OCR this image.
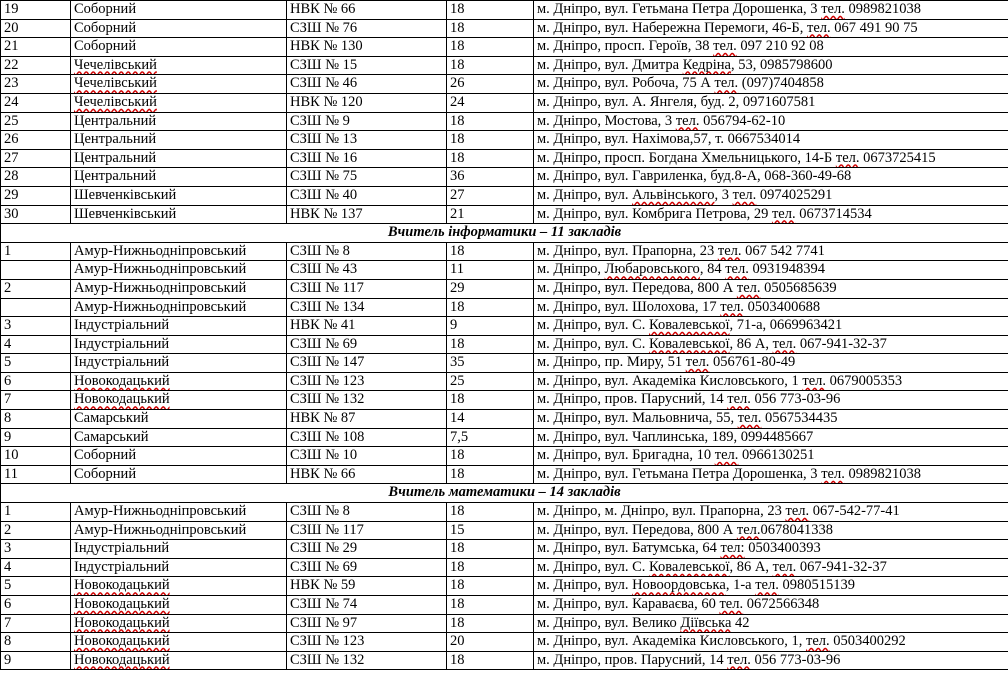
19	Соборний	НВК № 66	18	м. Дніпро, вул. Гетьмана Петра Дорошенка, 3 тел. 0989821038
20	Соборний	СЗШ № 76	18	м. Дніпро, вул. Набережна Перемоги, 46-Б, тел. 067 491 90 75
21	Соборний	НВК № 130	18	м. Дніпро, просп. Героїв, 38 тел. 097 210 92 08
22	Чечелівський	СЗШ № 15	18	м. Дніпро, вул. Дмитра Кедріна, 53, 0985798600
23	Чечелівський	СЗШ № 46	26	м. Дніпро, вул. Робоча, 75 А тел. (097)7404858
24	Чечелівський	НВК № 120	24	м. Дніпро, вул. А. Янгеля, буд. 2, 0971607581
25	Центральний	СЗШ № 9	18	м. Дніпро, Мостова, 3 тел. 056794-62-10
26	Центральний	СЗШ № 13	18	м. Дніпро, вул. Нахімова,57, т. 0667534014
27	Центральний	СЗШ № 16	18	м. Дніпро, просп. Богдана Хмельницького, 14-Б тел. 0673725415
28	Центральний	СЗШ № 75	36	м. Дніпро, вул. Гавриленка, буд.8-А, 068-360-49-68
29	Шевченківський	СЗШ № 40	27	м. Дніпро, вул. Альвінського, 3 тел. 0974025291
30	Шевченківський	НВК № 137	21	м. Дніпро, вул. Комбрига Петрова, 29 тел. 0673714534
Вчитель інформатики – 11 закладів				
1	Амур-Нижньодніпровський	СЗШ № 8	18	м. Дніпро, вул. Прапорна, 23 тел. 067 542 7741
	Амур-Нижньодніпровський	СЗШ № 43	11	м. Дніпро, Любаровського, 84 тел. 0931948394
2	Амур-Нижньодніпровський	СЗШ № 117	29	м. Дніпро, вул. Передова, 800 А тел. 0505685639
	Амур-Нижньодніпровський	СЗШ № 134	18	м. Дніпро, вул. Шолохова, 17 тел. 0503400688
3	Індустріальний	НВК № 41	9	м. Дніпро, вул. С. Ковалевської, 71-а, 0669963421
4	Індустріальний	СЗШ № 69	18	м. Дніпро, вул. С. Ковалевської, 86 А, тел. 067-941-32-37
5	Індустріальний	СЗШ № 147	35	м. Дніпро, пр. Миру, 51 тел. 056761-80-49
6	Новокодацький	СЗШ № 123	25	м. Дніпро, вул. Академіка Кисловського, 1 тел. 0679005353
7	Новокодацький	СЗШ № 132	18	м. Дніпро, пров. Парусний, 14 тел. 056 773-03-96
8	Самарський	НВК № 87	14	м. Дніпро, вул. Мальовнича, 55, тел. 0567534435
9	Самарський	СЗШ № 108	7,5	м. Дніпро, вул. Чаплинська, 189, 0994485667
10	Соборний	СЗШ № 10	18	м. Дніпро, вул. Бригадна, 10 тел. 0966130251
11	Соборний	НВК № 66	18	м. Дніпро, вул. Гетьмана Петра Дорошенка, 3 тел. 0989821038
Вчитель математики – 14 закладів				
1	Амур-Нижньодніпровський	СЗШ № 8	18	м. Дніпро, м. Дніпро, вул. Прапорна, 23 тел. 067-542-77-41
2	Амур-Нижньодніпровський	СЗШ № 117	15	м. Дніпро, вул. Передова, 800 А тел.0678041338
3	Індустріальний	СЗШ № 29	18	м. Дніпро, вул. Батумська, 64 тел: 0503400393
4	Індустріальний	СЗШ № 69	18	м. Дніпро, вул. С. Ковалевської, 86 А, тел. 067-941-32-37
5	Новокодацький	НВК № 59	18	м. Дніпро, вул. Новоордовська, 1-а тел. 0980515139
6	Новокодацький	СЗШ № 74	18	м. Дніпро, вул. Караваєва, 60 тел. 0672566348
7	Новокодацький	СЗШ № 97	18	м. Дніпро, вул. Велико Діївська 42
8	Новокодацький	СЗШ № 123	20	м. Дніпро, вул. Академіка Кисловського, 1, тел. 0503400292
9	Новокодацький	СЗШ № 132	18	м. Дніпро, пров. Парусний, 14 тел. 056 773-03-96
